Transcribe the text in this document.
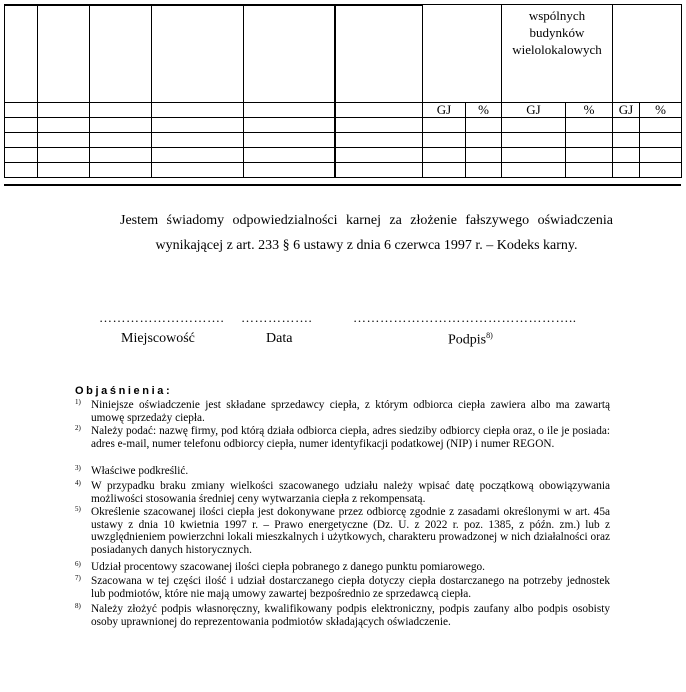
								wspólnych budynków wielolokalowych			
						GJ	%	GJ	%	GJ	%

Jestem świadomy odpowiedzialności karnej za złożenie fałszywego oświadczenia
wynikającej z art. 233 § 6 ustawy z dnia 6 czerwca 1997 r. – Kodeks karny.
………………………. …………….	…………………………………………..
Miejscowość	Data	Podpis$^{8)}$
Objaśnienia:
1) Niniejsze oświadczenie jest składane sprzedawcy ciepła, z którym odbiorca ciepła zawiera albo ma zawartą umowę sprzedaży ciepła.
2) Należy podać: nazwę firmy, pod którą działa odbiorca ciepła, adres siedziby odbiorcy ciepła oraz, o ile je posiada: adres e-mail, numer telefonu odbiorcy ciepła, numer identyfikacji podatkowej (NIP) i numer REGON.
3) Właściwe podkreślić.
4) W przypadku braku zmiany wielkości szacowanego udziału należy wpisać datę początkową obowiązywania możliwości stosowania średniej ceny wytwarzania ciepła z rekompensatą.
5) Określenie szacowanej ilości ciepła jest dokonywane przez odbiorcę zgodnie z zasadami określonymi w art. 45a ustawy z dnia 10 kwietnia 1997 r. – Prawo energetyczne (Dz. U. z 2022 r. poz. 1385, z późn. zm.) lub z uwzględnieniem powierzchni lokali mieszkalnych i użytkowych, charakteru prowadzonej w nich działalności oraz posiadanych danych historycznych.
6) Udział procentowy szacowanej ilości ciepła pobranego z danego punktu pomiarowego.
7) Szacowana w tej części ilość i udział dostarczanego ciepła dotyczy ciepła dostarczanego na potrzeby jednostek lub podmiotów, które nie mają umowy zawartej bezpośrednio ze sprzedawcą ciepła.
8) Należy złożyć podpis własnoręczny, kwalifikowany podpis elektroniczny, podpis zaufany albo podpis osobisty osoby uprawnionej do reprezentowania podmiotów składających oświadczenie.
